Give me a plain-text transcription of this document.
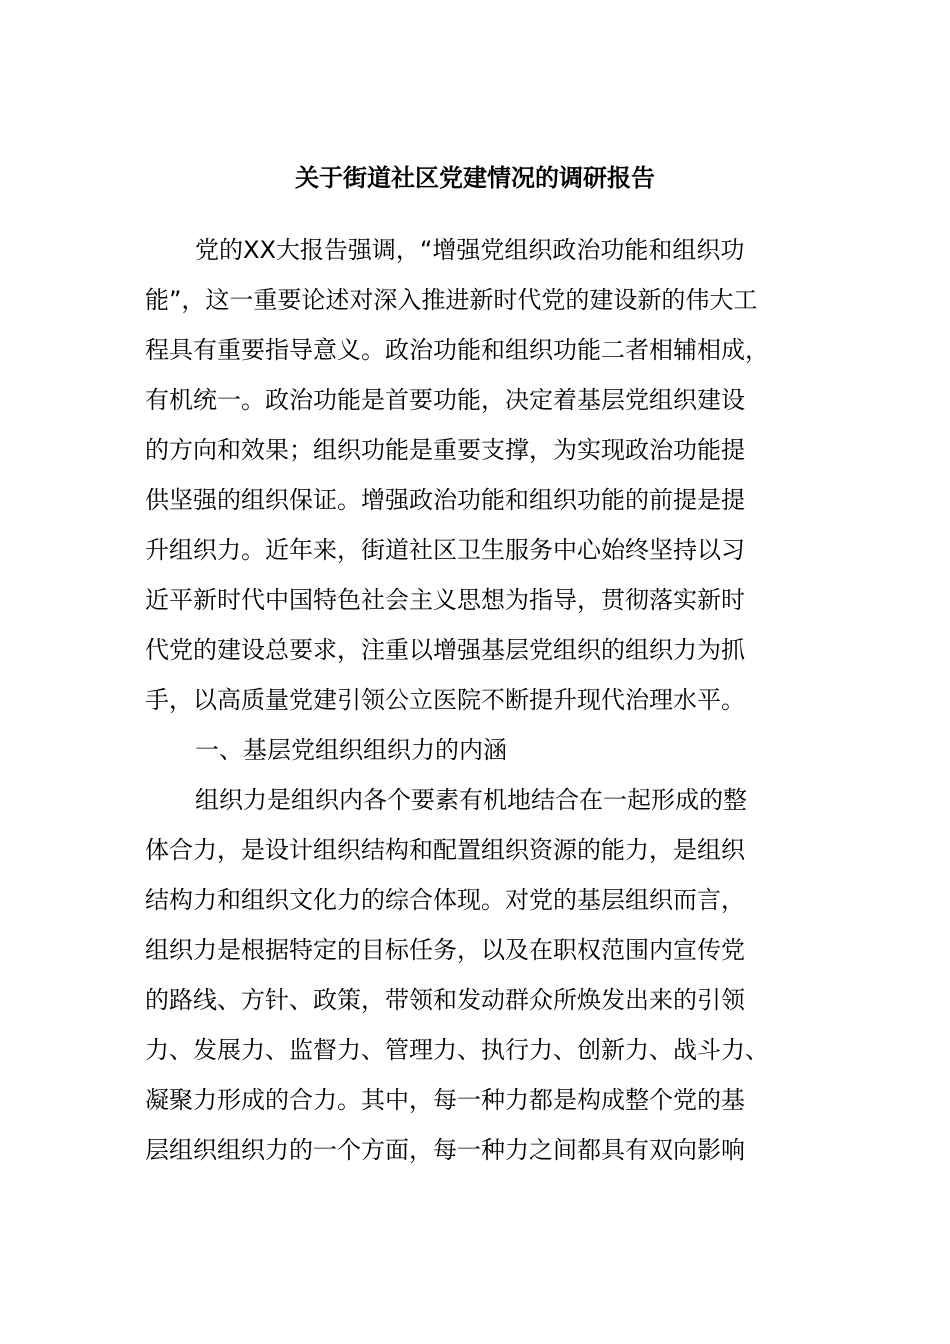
关于街道社区党建情况的调研报告
党的XX大报告强调，“增强党组织政治功能和组织功
能”，这一重要论述对深入推进新时代党的建设新的伟大工
程具有重要指导意义。政治功能和组织功能二者相辅相成，
有机统一。政治功能是首要功能，决定着基层党组织建设
的方向和效果；组织功能是重要支撑，为实现政治功能提
供坚强的组织保证。增强政治功能和组织功能的前提是提
升组织力。近年来，街道社区卫生服务中心始终坚持以习
近平新时代中国特色社会主义思想为指导，贯彻落实新时
代党的建设总要求，注重以增强基层党组织的组织力为抓
手，以高质量党建引领公立医院不断提升现代治理水平。
一、基层党组织组织力的内涵
组织力是组织内各个要素有机地结合在一起形成的整
体合力，是设计组织结构和配置组织资源的能力，是组织
结构力和组织文化力的综合体现。对党的基层组织而言，
组织力是根据特定的目标任务，以及在职权范围内宣传党
的路线、方针、政策，带领和发动群众所焕发出来的引领
力、发展力、监督力、管理力、执行力、创新力、战斗力、
凝聚力形成的合力。其中，每一种力都是构成整个党的基
层组织组织力的一个方面，每一种力之间都具有双向影响
